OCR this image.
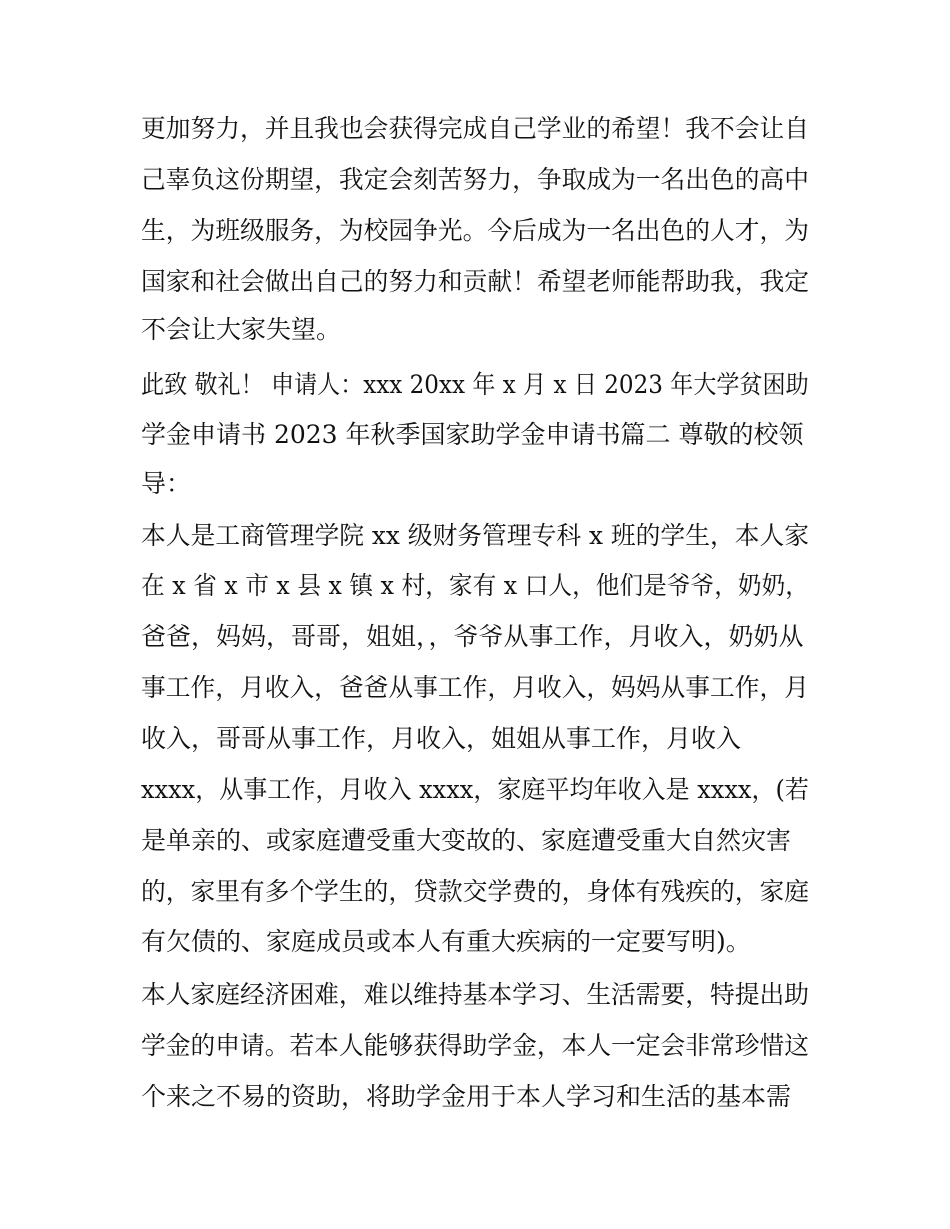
更加努力，并且我也会获得完成自己学业的希望！我不会让自

己辜负这份期望，我定会刻苦努力，争取成为一名出色的高中

生，为班级服务，为校园争光。今后成为一名出色的人才，为

国家和社会做出自己的努力和贡献！希望老师能帮助我，我定

不会让大家失望。

此致 敬礼！ 申请人：xxx 20xx 年 x 月 x 日 2023 年大学贫困助

学金申请书 2023 年秋季国家助学金申请书篇二 尊敬的校领

导：

本人是工商管理学院 xx 级财务管理专科 x 班的学生，本人家

在 x 省 x 市 x 县 x 镇 x 村，家有 x 口人，他们是爷爷，奶奶，

爸爸，妈妈，哥哥，姐姐，，爷爷从事工作，月收入，奶奶从

事工作，月收入，爸爸从事工作，月收入，妈妈从事工作，月

收入，哥哥从事工作，月收入，姐姐从事工作，月收入

xxxx，从事工作，月收入 xxxx，家庭平均年收入是 xxxx，(若

是单亲的、或家庭遭受重大变故的、家庭遭受重大自然灾害

的，家里有多个学生的，贷款交学费的，身体有残疾的，家庭

有欠债的、家庭成员或本人有重大疾病的一定要写明)。

本人家庭经济困难，难以维持基本学习、生活需要，特提出助

学金的申请。若本人能够获得助学金，本人一定会非常珍惜这

个来之不易的资助，将助学金用于本人学习和生活的基本需
